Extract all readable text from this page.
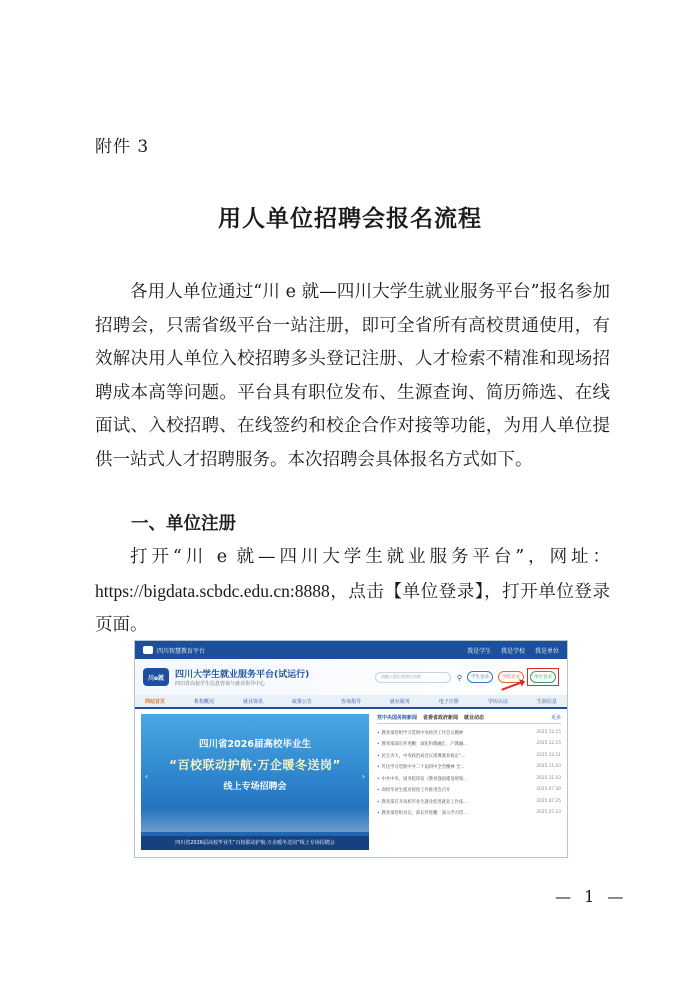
附件 3
用人单位招聘会报名流程
各用人单位通过“川 e 就—四川大学生就业服务平台”报名参加招聘会，只需省级平台一站注册，即可全省所有高校贯通使用，有效解决用人单位入校招聘多头登记注册、人才检索不精准和现场招聘成本高等问题。平台具有职位发布、生源查询、简历筛选、在线面试、入校招聘、在线签约和校企合作对接等功能，为用人单位提供一站式人才招聘服务。本次招聘会具体报名方式如下。
一、单位注册
打开“川 e 就—四川大学生就业服务平台”，网址：https://bigdata.scbdc.edu.cn:8888，点击【单位登录】，打开单位登录页面。
四川智慧教育平台	我是学生 我是学校 我是单位
川e就	四川大学生就业服务平台(试运行)
四川省高校学生信息咨询与就业指导中心
请输入职位或单位名称	⚲	学生登录	学校登录	单位登录
网站首页	机构概况	就业资讯	政策公告	咨询指导	就业服务	电子注册	学历认证	生源信息
四川省2026届高校毕业生
“百校联动护航·万企暖冬送岗”
线上专场招聘会
‹	›
四川省2026届高校毕业生“百校联动护航·万企暖冬送岗”线上专场招聘会
党中央国务院新闻 省委省政府新闻 就业动态	更多
• 教育部党组学习贯彻中央经济工作会议精神	2025.12.15
• 教育部部长怀进鹏：深化科教融汇、产教融...	2025.12.15
• 民生为大，中央政治局会议部署就业稳定“...	2025.12.11
• 传达学习贯彻中共二十届四中全会精神 全...	2025.11.03
• 中共中央、国务院印发《教育强国建设规划...	2025.11.03
• 高校毕业生就业促进工作推进会召开	2025.07.30
• 教育部召开高校毕业生就业促进就业工作座...	2025.07.25
• 教育部党组书记、部长怀进鹏：深入学习贯...	2025.07.23
— 1 —
